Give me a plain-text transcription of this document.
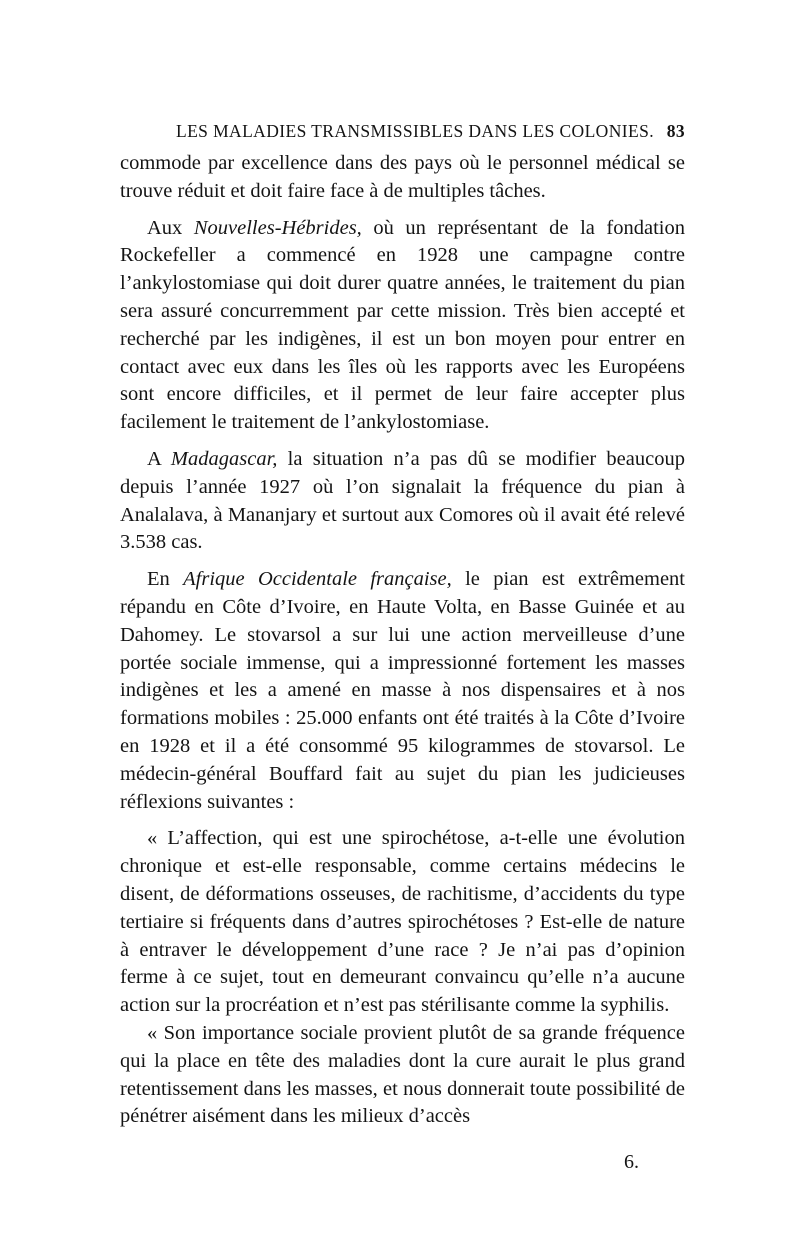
LES MALADIES TRANSMISSIBLES DANS LES COLONIES. 83

commode par excellence dans des pays où le personnel médical se trouve réduit et doit faire face à de multiples tâches.

Aux Nouvelles-Hébrides, où un représentant de la fondation Rockefeller a commencé en 1928 une campagne contre l’ankylostomiase qui doit durer quatre années, le traitement du pian sera assuré concurremment par cette mission. Très bien accepté et recherché par les indigènes, il est un bon moyen pour entrer en contact avec eux dans les îles où les rapports avec les Européens sont encore difficiles, et il permet de leur faire accepter plus facilement le traitement de l’ankylostomiase.

A Madagascar, la situation n’a pas dû se modifier beaucoup depuis l’année 1927 où l’on signalait la fréquence du pian à Analalava, à Mananjary et surtout aux Comores où il avait été relevé 3.538 cas.

En Afrique Occidentale française, le pian est extrêmement répandu en Côte d’Ivoire, en Haute Volta, en Basse Guinée et au Dahomey. Le stovarsol a sur lui une action merveilleuse d’une portée sociale immense, qui a impressionné fortement les masses indigènes et les a amené en masse à nos dispensaires et à nos formations mobiles : 25.000 enfants ont été traités à la Côte d’Ivoire en 1928 et il a été consommé 95 kilogrammes de stovarsol. Le médecin-général Bouffard fait au sujet du pian les judicieuses réflexions suivantes :

« L’affection, qui est une spirochétose, a-t-elle une évolution chronique et est-elle responsable, comme certains médecins le disent, de déformations osseuses, de rachitisme, d’accidents du type tertiaire si fréquents dans d’autres spirochétoses ? Est-elle de nature à entraver le développement d’une race ? Je n’ai pas d’opinion ferme à ce sujet, tout en demeurant convaincu qu’elle n’a aucune action sur la procréation et n’est pas stérilisante comme la syphilis.

« Son importance sociale provient plutôt de sa grande fréquence qui la place en tête des maladies dont la cure aurait le plus grand retentissement dans les masses, et nous donnerait toute possibilité de pénétrer aisément dans les milieux d’accès

6.
